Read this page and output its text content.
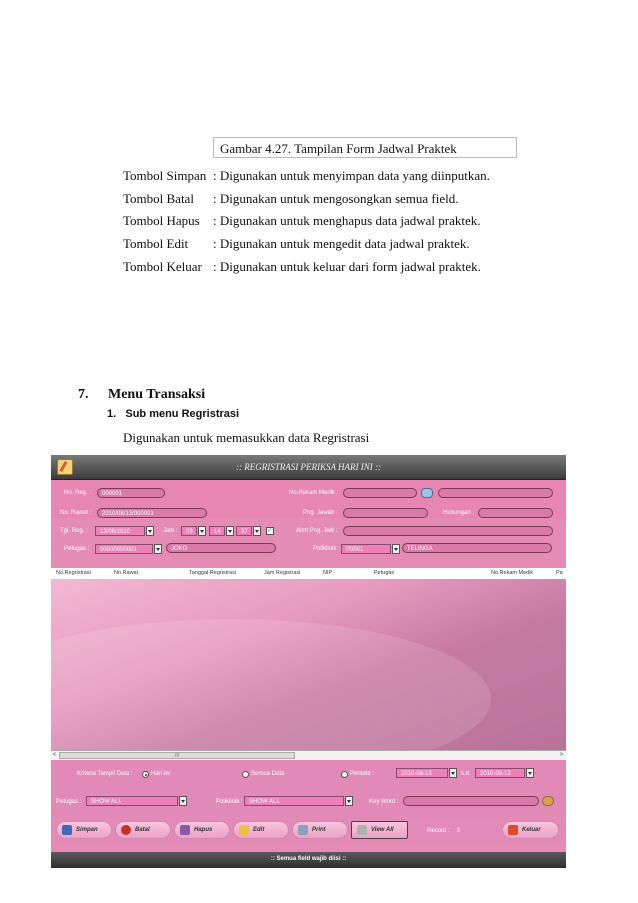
Gambar 4.27. Tampilan Form Jadwal Praktek
Tombol Simpan : Digunakan untuk menyimpan data yang diinputkan.
Tombol Batal	: Digunakan untuk mengosongkan semua field.
Tombol Hapus	: Digunakan untuk menghapus data jadwal praktek.
Tombol Edit	: Digunakan untuk mengedit data jadwal praktek.
Tombol Keluar : Digunakan untuk keluar dari form jadwal praktek.
7. Menu Transaksi
1. Sub menu Regristrasi
Digunakan untuk memasukkan data Regristrasi
:: REGRISTRASI PERIKSA HARI INI ::
No. Reg. :	000001	No.Rekam Medik :
No. Rawat :	2010/08/13/000001	Png. Jawab :	Hubungan :
Tgl. Reg. :	13/08/2010	Jam :	03	14	37	✓	Almt Png. Jwb :
Petugas :	00000000001	JOKO	Poliklinik :	P0001	TELINGA
No.Regristrasi	No.Rawat	Tanggal Regristrasi	Jam Registrasi	NIP	Petugas	No.Rekam Medik	Pa
<	III	>
Kriteria Tampil Data :	Hari Ini	Semua Data	Periode :	2010-08-13	s.d.	2010-08-13
Petugas :	SHOW ALL	Poliklinik :	SHOW ALL	Key Word :
Simpan	Batal	Hapus	Edit	Print	View All	Record : 0	Keluar
:: Semua field wajib diisi ::
